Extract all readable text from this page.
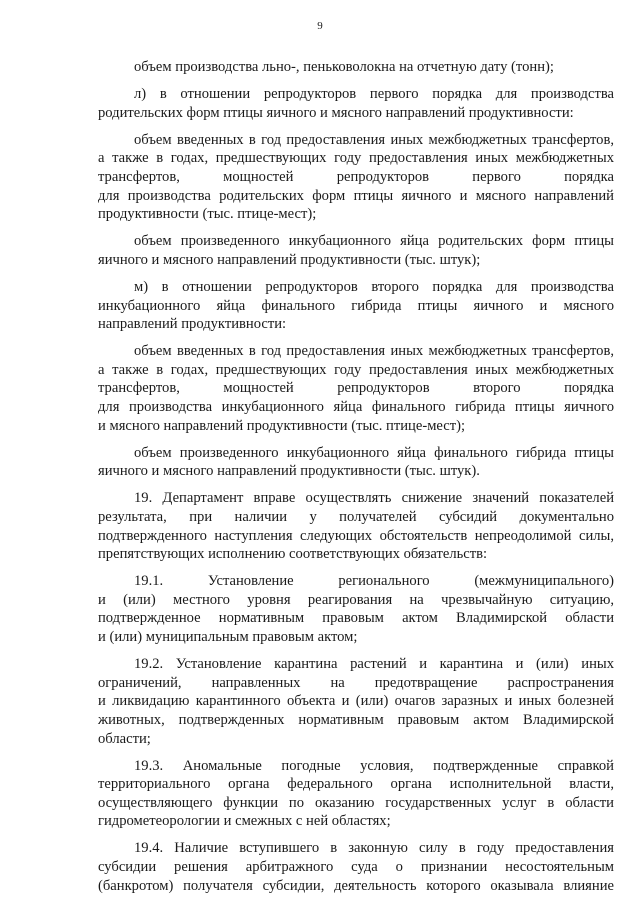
9

объем производства льно-, пеньковолокна на отчетную дату (тонн);

л) в отношении репродукторов первого порядка для производства
родительских форм птицы яичного и мясного направлений продуктивности:

объем введенных в год предоставления иных межбюджетных трансфертов,
а также в годах, предшествующих году предоставления иных межбюджетных
трансфертов, мощностей репродукторов первого порядка
для производства родительских форм птицы яичного и мясного направлений
продуктивности (тыс. птице-мест);

объем произведенного инкубационного яйца родительских форм птицы
яичного и мясного направлений продуктивности (тыс. штук);

м) в отношении репродукторов второго порядка для производства
инкубационного яйца финального гибрида птицы яичного и мясного
направлений продуктивности:

объем введенных в год предоставления иных межбюджетных трансфертов,
а также в годах, предшествующих году предоставления иных межбюджетных
трансфертов, мощностей репродукторов второго порядка
для производства инкубационного яйца финального гибрида птицы яичного
и мясного направлений продуктивности (тыс. птице-мест);

объем произведенного инкубационного яйца финального гибрида птицы
яичного и мясного направлений продуктивности (тыс. штук).

19. Департамент вправе осуществлять снижение значений показателей
результата, при наличии у получателей субсидий документально
подтвержденного наступления следующих обстоятельств непреодолимой силы,
препятствующих исполнению соответствующих обязательств:

19.1. Установление регионального (межмуниципального)
и (или) местного уровня реагирования на чрезвычайную ситуацию,
подтвержденное нормативным правовым актом Владимирской области
и (или) муниципальным правовым актом;

19.2. Установление карантина растений и карантина и (или) иных
ограничений, направленных на предотвращение распространения
и ликвидацию карантинного объекта и (или) очагов заразных и иных болезней
животных, подтвержденных нормативным правовым актом Владимирской
области;

19.3. Аномальные погодные условия, подтвержденные справкой
территориального органа федерального органа исполнительной власти,
осуществляющего функции по оказанию государственных услуг в области
гидрометеорологии и смежных с ней областях;

19.4. Наличие вступившего в законную силу в году предоставления
субсидии решения арбитражного суда о признании несостоятельным
(банкротом) получателя субсидии, деятельность которого оказывала влияние
